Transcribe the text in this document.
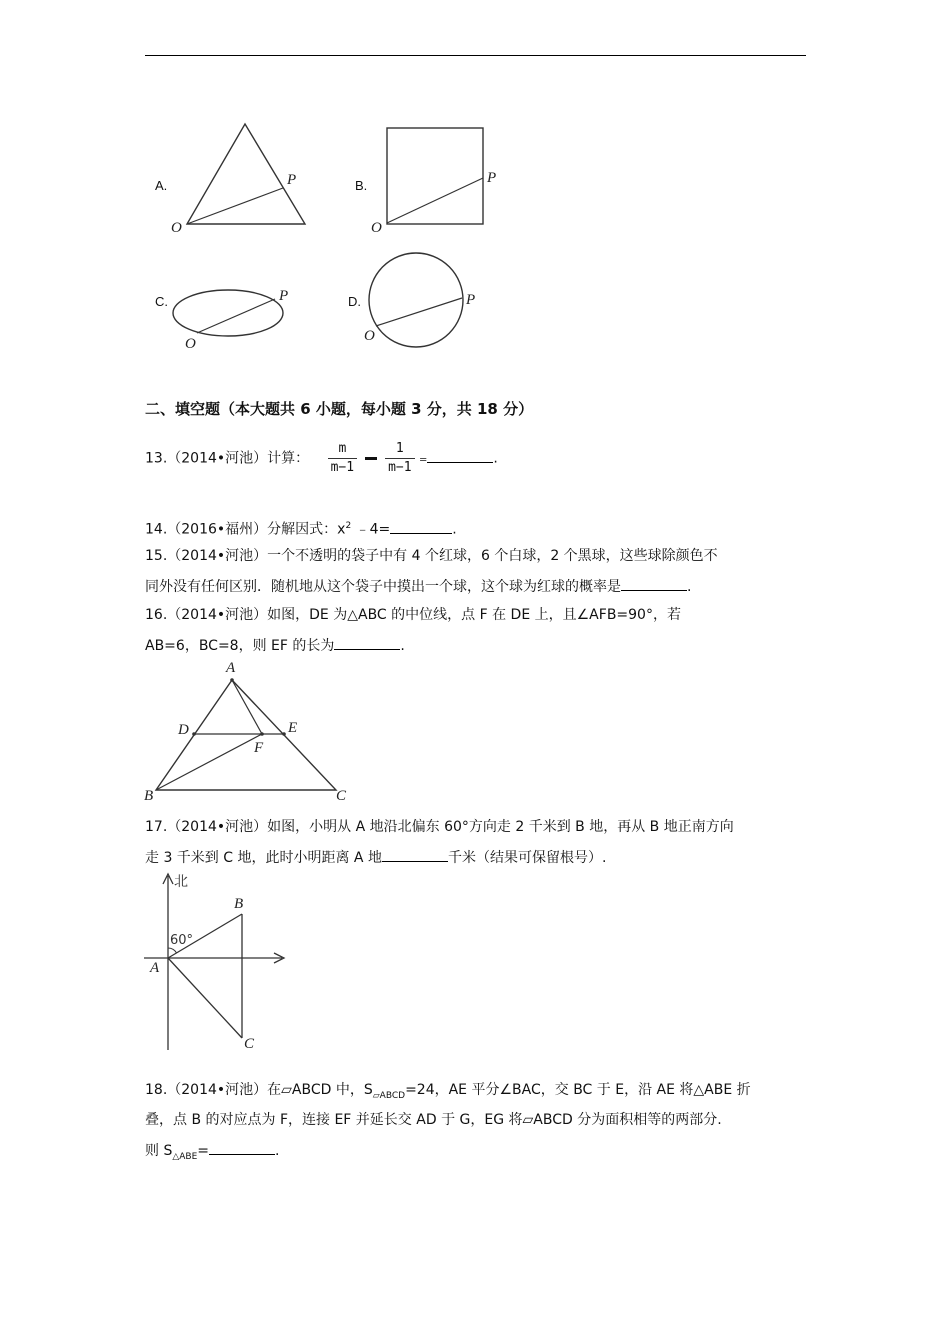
A.
O
P	B.
O
P
C.
O
P	D.
O
P
二、填空题（本大题共 6 小题，每小题 3 分，共 18 分）
13.（2014•河池）计算： $\frac{m}{m-1} \frac{1}{m-1}$ =	.
14.（2016•福州）分解因式：$x^2$ ﹣4=	.
15.（2014•河池）一个不透明的袋子中有 4 个红球，6 个白球，2 个黑球，这些球除颜色不
同外没有任何区别．随机地从这个袋子中摸出一个球，这个球为红球的概率是	.
16.（2014•河池）如图，DE 为△ABC 的中位线，点 F 在 DE 上，且∠AFB=90°，若
AB=6，BC=8，则 EF 的长为	.
A
D	E
F
B	C
17.（2014•河池）如图，小明从 A 地沿北偏东 60°方向走 2 千米到 B 地，再从 B 地正南方向
走 3 千米到 C 地，此时小明距离 A 地	千米（结果可保留根号）.
北
60°
A
B
C
18.（2014•河池）在▱ABCD 中，$S_{▱ABCD}=24$，AE 平分∠BAC，交 BC 于 E，沿 AE 将△ABE 折
叠，点 B 的对应点为 F，连接 EF 并延长交 AD 于 G，EG 将▱ABCD 分为面积相等的两部分.
则 $S_{\triangle ABE}=$	.
